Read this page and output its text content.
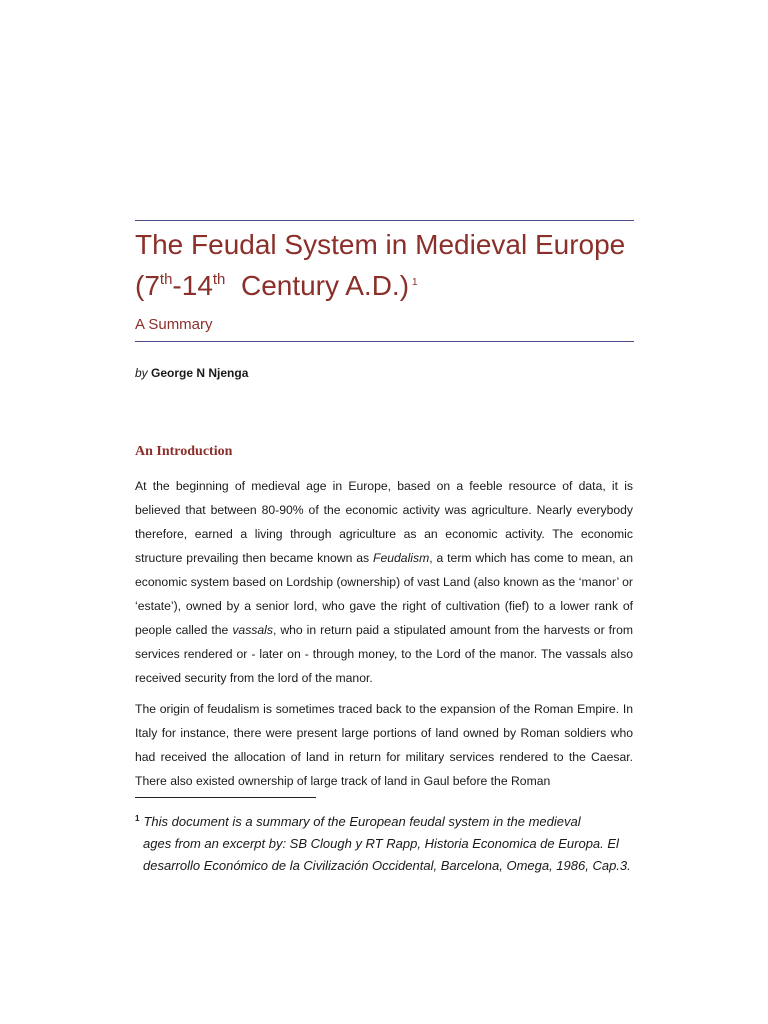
The Feudal System in Medieval Europe
(7th-14th Century A.D.) $^1$
A Summary

by George N Njenga

An Introduction

At the beginning of medieval age in Europe, based on a feeble resource of data, it is believed that between 80-90% of the economic activity was agriculture. Nearly everybody therefore, earned a living through agriculture as an economic activity. The economic structure prevailing then became known as Feudalism, a term which has come to mean, an economic system based on Lordship (ownership) of vast Land (also known as the ‘manor’ or ‘estate’), owned by a senior lord, who gave the right of cultivation (fief) to a lower rank of people called the vassals, who in return paid a stipulated amount from the harvests or from services rendered or - later on - through money, to the Lord of the manor. The vassals also received security from the lord of the manor.

The origin of feudalism is sometimes traced back to the expansion of the Roman Empire. In Italy for instance, there were present large portions of land owned by Roman soldiers who had received the allocation of land in return for military services rendered to the Caesar. There also existed ownership of large track of land in Gaul before the Roman

$^1$ This document is a summary of the European feudal system in the medieval
ages from an excerpt by: SB Clough y RT Rapp, Historia Economica de Europa. El desarrollo Económico de la Civilización Occidental, Barcelona, Omega, 1986, Cap.3.
